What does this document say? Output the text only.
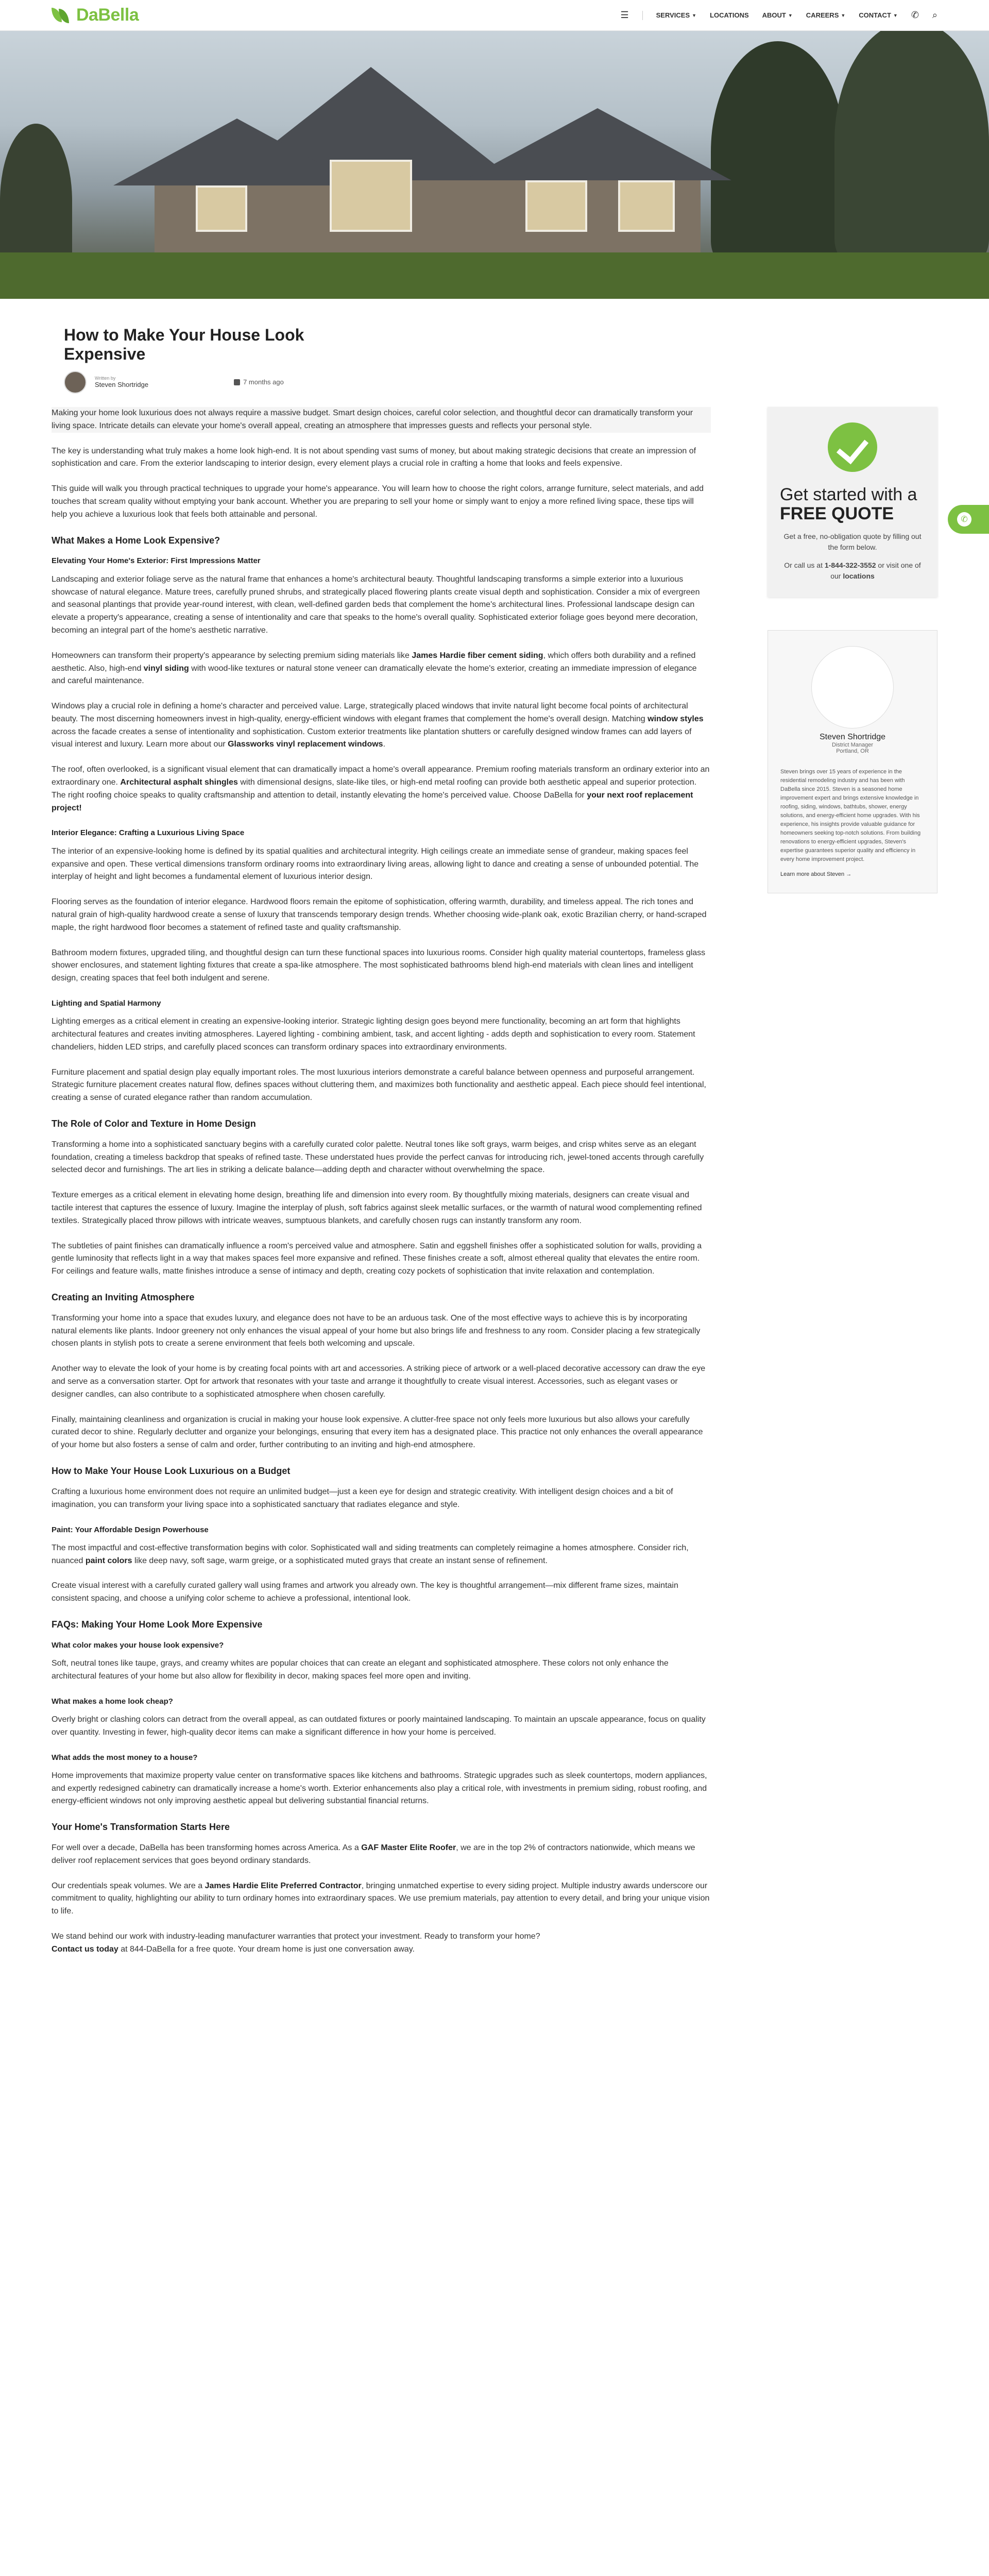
DaBella	☰	SERVICES ▼ LOCATIONS ABOUT ▼ CAREERS ▼ CONTACT ▼ ✆ ⌕
How to Make Your House Look Expensive
Written by
Steven Shortridge	7 months ago

Making your home look luxurious does not always require a massive budget. Smart design choices, careful color selection, and thoughtful decor can dramatically transform your living space. Intricate details can elevate your home's overall appeal, creating an atmosphere that impresses guests and reflects your personal style.

The key is understanding what truly makes a home look high-end. It is not about spending vast sums of money, but about making strategic decisions that create an impression of sophistication and care. From the exterior landscaping to interior design, every element plays a crucial role in crafting a home that looks and feels expensive.

This guide will walk you through practical techniques to upgrade your home's appearance. You will learn how to choose the right colors, arrange furniture, select materials, and add touches that scream quality without emptying your bank account. Whether you are preparing to sell your home or simply want to enjoy a more refined living space, these tips will help you achieve a luxurious look that feels both attainable and personal.

What Makes a Home Look Expensive?
Elevating Your Home's Exterior: First Impressions Matter

Landscaping and exterior foliage serve as the natural frame that enhances a home's architectural beauty. Thoughtful landscaping transforms a simple exterior into a luxurious showcase of natural elegance. Mature trees, carefully pruned shrubs, and strategically placed flowering plants create visual depth and sophistication. Consider a mix of evergreen and seasonal plantings that provide year-round interest, with clean, well-defined garden beds that complement the home's architectural lines. Professional landscape design can elevate a property's appearance, creating a sense of intentionality and care that speaks to the home's overall quality. Sophisticated exterior foliage goes beyond mere decoration, becoming an integral part of the home's aesthetic narrative.

Homeowners can transform their property's appearance by selecting premium siding materials like James Hardie fiber cement siding, which offers both durability and a refined aesthetic. Also, high-end vinyl siding with wood-like textures or natural stone veneer can dramatically elevate the home's exterior, creating an immediate impression of elegance and careful maintenance.

Windows play a crucial role in defining a home's character and perceived value. Large, strategically placed windows that invite natural light become focal points of architectural beauty. The most discerning homeowners invest in high-quality, energy-efficient windows with elegant frames that complement the home's overall design. Matching window styles across the facade creates a sense of intentionality and sophistication. Custom exterior treatments like plantation shutters or carefully designed window frames can add layers of visual interest and luxury. Learn more about our Glassworks vinyl replacement windows.

The roof, often overlooked, is a significant visual element that can dramatically impact a home's overall appearance. Premium roofing materials transform an ordinary exterior into an extraordinary one. Architectural asphalt shingles with dimensional designs, slate-like tiles, or high-end metal roofing can provide both aesthetic appeal and superior protection. The right roofing choice speaks to quality craftsmanship and attention to detail, instantly elevating the home's perceived value. Choose DaBella for your next roof replacement project!

Interior Elegance: Crafting a Luxurious Living Space

The interior of an expensive-looking home is defined by its spatial qualities and architectural integrity. High ceilings create an immediate sense of grandeur, making spaces feel expansive and open. These vertical dimensions transform ordinary rooms into extraordinary living areas, allowing light to dance and creating a sense of unbounded potential. The interplay of height and light becomes a fundamental element of luxurious interior design.

Flooring serves as the foundation of interior elegance. Hardwood floors remain the epitome of sophistication, offering warmth, durability, and timeless appeal. The rich tones and natural grain of high-quality hardwood create a sense of luxury that transcends temporary design trends. Whether choosing wide-plank oak, exotic Brazilian cherry, or hand-scraped maple, the right hardwood floor becomes a statement of refined taste and quality craftsmanship.

Bathroom modern fixtures, upgraded tiling, and thoughtful design can turn these functional spaces into luxurious rooms. Consider high quality material countertops, frameless glass shower enclosures, and statement lighting fixtures that create a spa-like atmosphere. The most sophisticated bathrooms blend high-end materials with clean lines and intelligent design, creating spaces that feel both indulgent and serene.

Lighting and Spatial Harmony

Lighting emerges as a critical element in creating an expensive-looking interior. Strategic lighting design goes beyond mere functionality, becoming an art form that highlights architectural features and creates inviting atmospheres. Layered lighting - combining ambient, task, and accent lighting - adds depth and sophistication to every room. Statement chandeliers, hidden LED strips, and carefully placed sconces can transform ordinary spaces into extraordinary environments.

Furniture placement and spatial design play equally important roles. The most luxurious interiors demonstrate a careful balance between openness and purposeful arrangement. Strategic furniture placement creates natural flow, defines spaces without cluttering them, and maximizes both functionality and aesthetic appeal. Each piece should feel intentional, creating a sense of curated elegance rather than random accumulation.

The Role of Color and Texture in Home Design

Transforming a home into a sophisticated sanctuary begins with a carefully curated color palette. Neutral tones like soft grays, warm beiges, and crisp whites serve as an elegant foundation, creating a timeless backdrop that speaks of refined taste. These understated hues provide the perfect canvas for introducing rich, jewel-toned accents through carefully selected decor and furnishings. The art lies in striking a delicate balance—adding depth and character without overwhelming the space.

Texture emerges as a critical element in elevating home design, breathing life and dimension into every room. By thoughtfully mixing materials, designers can create visual and tactile interest that captures the essence of luxury. Imagine the interplay of plush, soft fabrics against sleek metallic surfaces, or the warmth of natural wood complementing refined textiles. Strategically placed throw pillows with intricate weaves, sumptuous blankets, and carefully chosen rugs can instantly transform any room.

The subtleties of paint finishes can dramatically influence a room's perceived value and atmosphere. Satin and eggshell finishes offer a sophisticated solution for walls, providing a gentle luminosity that reflects light in a way that makes spaces feel more expansive and refined. These finishes create a soft, almost ethereal quality that elevates the entire room. For ceilings and feature walls, matte finishes introduce a sense of intimacy and depth, creating cozy pockets of sophistication that invite relaxation and contemplation.

Creating an Inviting Atmosphere

Transforming your home into a space that exudes luxury, and elegance does not have to be an arduous task. One of the most effective ways to achieve this is by incorporating natural elements like plants. Indoor greenery not only enhances the visual appeal of your home but also brings life and freshness to any room. Consider placing a few strategically chosen plants in stylish pots to create a serene environment that feels both welcoming and upscale.

Another way to elevate the look of your home is by creating focal points with art and accessories. A striking piece of artwork or a well-placed decorative accessory can draw the eye and serve as a conversation starter. Opt for artwork that resonates with your taste and arrange it thoughtfully to create visual interest. Accessories, such as elegant vases or designer candles, can also contribute to a sophisticated atmosphere when chosen carefully.

Finally, maintaining cleanliness and organization is crucial in making your house look expensive. A clutter-free space not only feels more luxurious but also allows your carefully curated decor to shine. Regularly declutter and organize your belongings, ensuring that every item has a designated place. This practice not only enhances the overall appearance of your home but also fosters a sense of calm and order, further contributing to an inviting and high-end atmosphere.

How to Make Your House Look Luxurious on a Budget

Crafting a luxurious home environment does not require an unlimited budget—just a keen eye for design and strategic creativity. With intelligent design choices and a bit of imagination, you can transform your living space into a sophisticated sanctuary that radiates elegance and style.

Paint: Your Affordable Design Powerhouse

The most impactful and cost-effective transformation begins with color. Sophisticated wall and siding treatments can completely reimagine a homes atmosphere. Consider rich, nuanced paint colors like deep navy, soft sage, warm greige, or a sophisticated muted grays that create an instant sense of refinement.

Create visual interest with a carefully curated gallery wall using frames and artwork you already own. The key is thoughtful arrangement—mix different frame sizes, maintain consistent spacing, and choose a unifying color scheme to achieve a professional, intentional look.

FAQs: Making Your Home Look More Expensive
What color makes your house look expensive?

Soft, neutral tones like taupe, grays, and creamy whites are popular choices that can create an elegant and sophisticated atmosphere. These colors not only enhance the architectural features of your home but also allow for flexibility in decor, making spaces feel more open and inviting.

What makes a home look cheap?

Overly bright or clashing colors can detract from the overall appeal, as can outdated fixtures or poorly maintained landscaping. To maintain an upscale appearance, focus on quality over quantity. Investing in fewer, high-quality decor items can make a significant difference in how your home is perceived.

What adds the most money to a house?

Home improvements that maximize property value center on transformative spaces like kitchens and bathrooms. Strategic upgrades such as sleek countertops, modern appliances, and expertly redesigned cabinetry can dramatically increase a home's worth. Exterior enhancements also play a critical role, with investments in premium siding, robust roofing, and energy-efficient windows not only improving aesthetic appeal but delivering substantial financial returns.

Your Home's Transformation Starts Here

For well over a decade, DaBella has been transforming homes across America. As a GAF Master Elite Roofer, we are in the top 2% of contractors nationwide, which means we deliver roof replacement services that goes beyond ordinary standards.

Our credentials speak volumes. We are a James Hardie Elite Preferred Contractor, bringing unmatched expertise to every siding project. Multiple industry awards underscore our commitment to quality, highlighting our ability to turn ordinary homes into extraordinary spaces. We use premium materials, pay attention to every detail, and bring your unique vision to life.

We stand behind our work with industry-leading manufacturer warranties that protect your investment. Ready to transform your home?
Contact us today at 844-DaBella for a free quote. Your dream home is just one conversation away.

Get started with a
FREE QUOTE
Get a free, no-obligation quote by filling out the form below.
Or call us at 1-844-322-3552 or visit one of our locations
Steven Shortridge
District Manager
Portland, OR
Steven brings over 15 years of experience in the residential remodeling industry and has been with DaBella since 2015. Steven is a seasoned home improvement expert and brings extensive knowledge in roofing, siding, windows, bathtubs, shower, energy solutions, and energy-efficient home upgrades. With his experience, his insights provide valuable guidance for homeowners seeking top-notch solutions. From building renovations to energy-efficient upgrades, Steven's expertise guarantees superior quality and efficiency in every home improvement project.
Learn more about Steven →
✆
